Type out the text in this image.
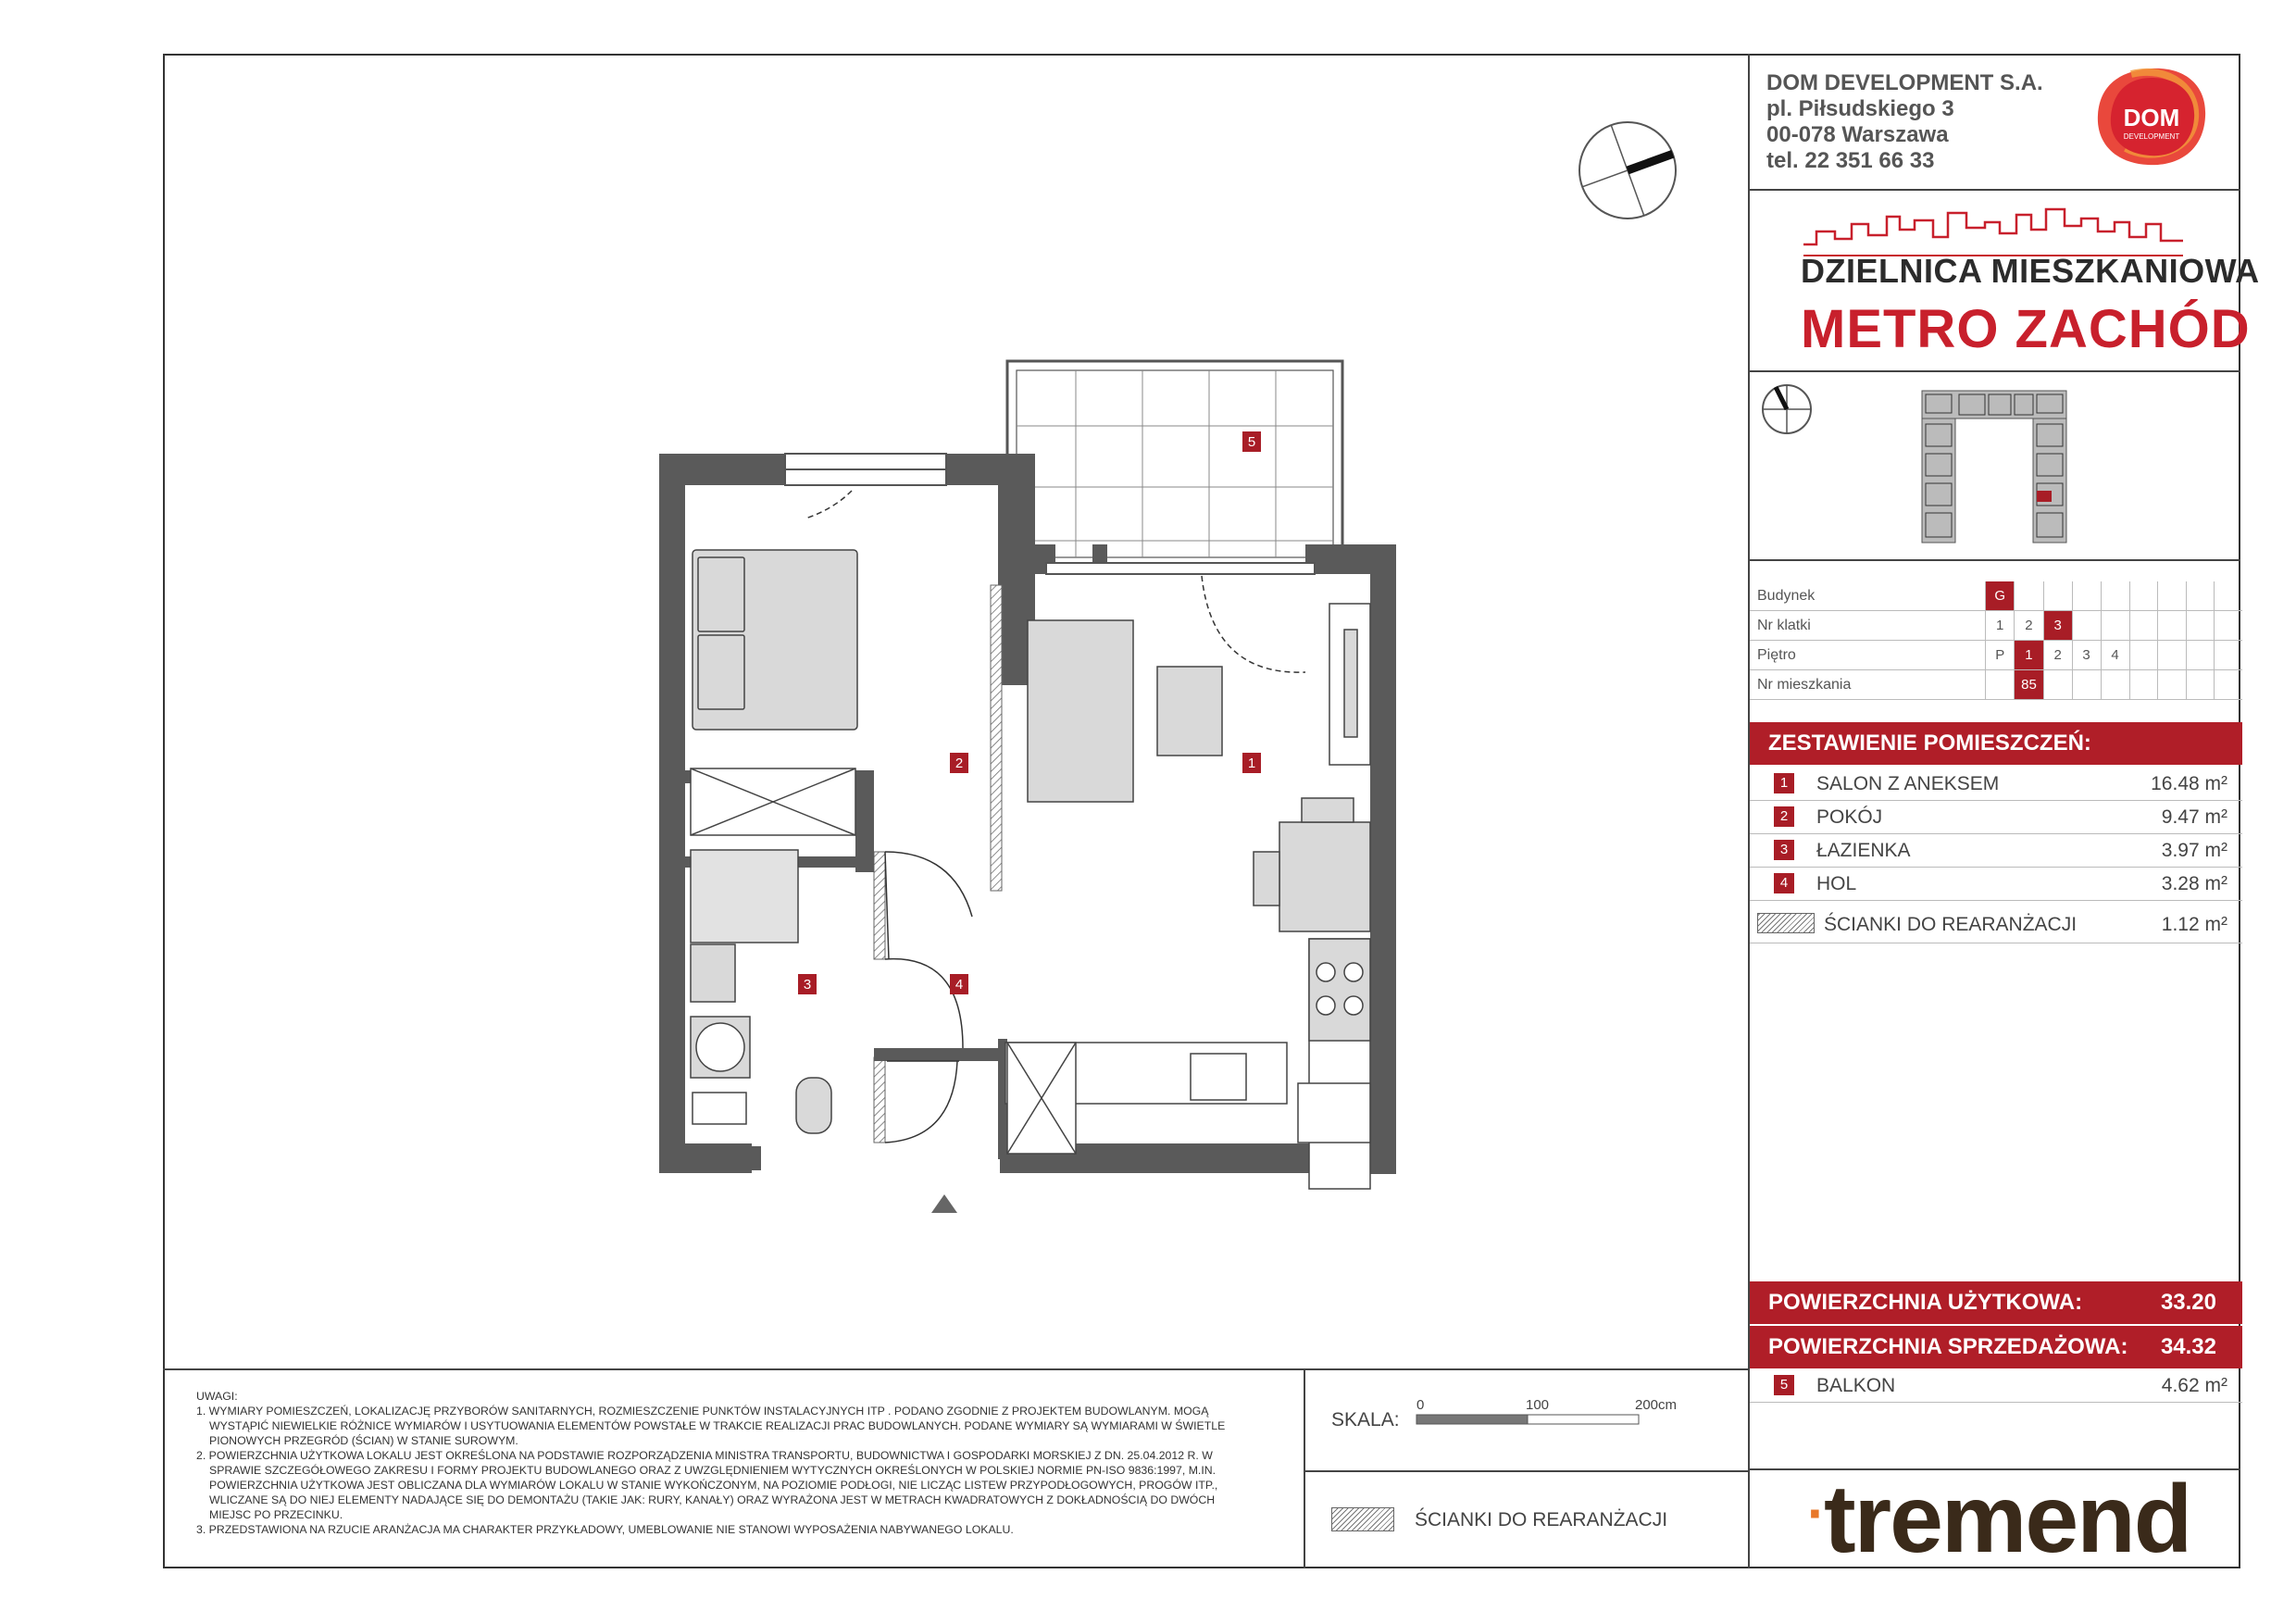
DOM DEVELOPMENT S.A.
pl. Piłsudskiego 3
00-078 Warszawa
tel. 22 351 66 33
DOM
DEVELOPMENT
DZIELNICA MIESZKANIOWA
METRO ZACHÓD
Budynek	G								
Nr klatki	1	2	3						
Piętro	P	1	2	3	4				
Nr mieszkania		85							
ZESTAWIENIE POMIESZCZEŃ:
1	SALON Z ANEKSEM	16.48 m²
2	POKÓJ	9.47 m²
3	ŁAZIENKA	3.97 m²
4	HOL	3.28 m²
ŚCIANKI DO REARANŻACJI	1.12 m²
POWIERZCHNIA UŻYTKOWA:	33.20
POWIERZCHNIA SPRZEDAŻOWA: 34.32
5	BALKON	4.62 m²
UWAGI:
1. WYMIARY POMIESZCZEŃ, LOKALIZACJĘ PRZYBORÓW SANITARNYCH, ROZMIESZCZENIE PUNKTÓW INSTALACYJNYCH ITP . PODANO ZGODNIE Z PROJEKTEM BUDOWLANYM. MOGĄ
WYSTĄPIĆ NIEWIELKIE RÓŻNICE WYMIARÓW I USYTUOWANIA ELEMENTÓW POWSTAŁE W TRAKCIE REALIZACJI PRAC BUDOWLANYCH. PODANE WYMIARY SĄ WYMIARAMI W ŚWIETLE
PIONOWYCH PRZEGRÓD (ŚCIAN) W STANIE SUROWYM.
2. POWIERZCHNIA UŻYTKOWA LOKALU JEST OKREŚLONA NA PODSTAWIE ROZPORZĄDZENIA MINISTRA TRANSPORTU, BUDOWNICTWA I GOSPODARKI MORSKIEJ Z DN. 25.04.2012 R. W
SPRAWIE SZCZEGÓŁOWEGO ZAKRESU I FORMY PROJEKTU BUDOWLANEGO ORAZ Z UWZGLĘDNIENIEM WYTYCZNYCH OKREŚLONYCH W POLSKIEJ NORMIE PN-ISO 9836:1997, M.IN.
POWIERZCHNIA UŻYTKOWA JEST OBLICZANA DLA WYMIARÓW LOKALU W STANIE WYKOŃCZONYM, NA POZIOMIE PODŁOGI, NIE LICZĄC LISTEW PRZYPODŁOGOWYCH, PROGÓW ITP.,
WLICZANE SĄ DO NIEJ ELEMENTY NADAJĄCE SIĘ DO DEMONTAŻU (TAKIE JAK: RURY, KANAŁY) ORAZ WYRAŻONA JEST W METRACH KWADRATOWYCH Z DOKŁADNOŚCIĄ DO DWÓCH
MIEJSC PO PRZECINKU.
3. PRZEDSTAWIONA NA RZUCIE ARANŻACJA MA CHARAKTER PRZYKŁADOWY, UMEBLOWANIE NIE STANOWI WYPOSAŻENIA NABYWANEGO LOKALU.
SKALA:
0	100	200cm
ŚCIANKI DO REARANŻACJI	·tremend
1
2
3	4
5
